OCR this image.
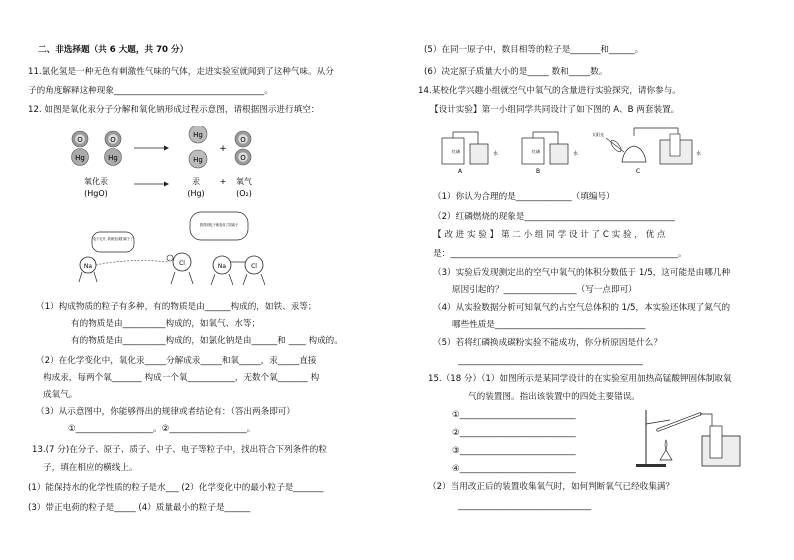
二、非选择题（共 6 大题，共 70 分）
11.氯化氢是一种无色有刺激性气味的气体，走进实验室就闻到了这种气味。从分
子的角度解释这种现象___________________________________。
12. 如图是氧化汞分子分解和氧化钠形成过程示意图，请根据图示进行填空：
O
Hg
O
Hg
Hg
Hg
+
O
O
氧化汞
(HgO)
汞
(Hg)
+ 氧气
(O₂)
电子走开, 我就变成阳离子了
我得到电子就变成了阴离子
Na	Cl	Na	Cl
（1）构成物质的粒子有多种，有的物质是由______构成的，如铁、汞等；
有的物质是由__________构成的，如氧气、水等；
有的物质是由__________构成的，如氯化钠是由______和 ____ 构成的。
（2）在化学变化中，氧化汞_____分解成汞_____和氧_____，汞_____直接
构成汞，每两个氧_______ 构成一个氧___________，无数个氧_______ 构
成氧气。
（3）从示意图中，你能够得出的规律或者结论有：（答出两条即可）
①__________________。②__________________。
13.(7 分)在分子、原子、质子、中子、电子等粒子中，找出符合下列条件的粒
子，填在相应的横线上。
(1）能保持水的化学性质的粒子是水___ (2）化学变化中的最小粒子是_______
(3）带正电荷的粒子是_____ (4）质量最小的粒子是______
(5）在同一原子中，数目相等的粒子是_______和______。
(6）决定原子质量大小的是_____ 数和_____数。
14.某校化学兴趣小组就空气中氧气的含量进行实验探究，请你参与。
【设计实验】第一小组同学共同设计了如下图的 A、B 两套装置。
红磷	水
A
红磷	水
B
太阳光
水
C
（1）你认为合理的是_____________（填编号）
（2）红磷燃烧的现象是___________________________________
【 改 进 实 验 】 第 二 小 组 同 学 设 计 了 C 实 验 ， 优 点
是：_____________________________________________________。
（3）实验后发现测定出的空气中氧气的体积分数低于 1/5，这可能是由哪几种
原因引起的？_________________（写一点即可）
（4）从实验数据分析可知氧气约占空气总体积的 1/5，本实验还体现了氮气的
哪些性质是___________________________________
（5）若将红磷换成碳粉实验不能成功，你分析原因是什么？
___________________________________________
15.（18 分）（1）如图所示是某同学设计的在实验室用加热高锰酸钾固体制取氧
气的装置图。指出该装置中的四处主要错误。
①___________________________
②___________________________
③___________________________
④___________________________
（2）当用改正后的装置收集氧气时，如何判断氧气已经收集满？
_______________________________
